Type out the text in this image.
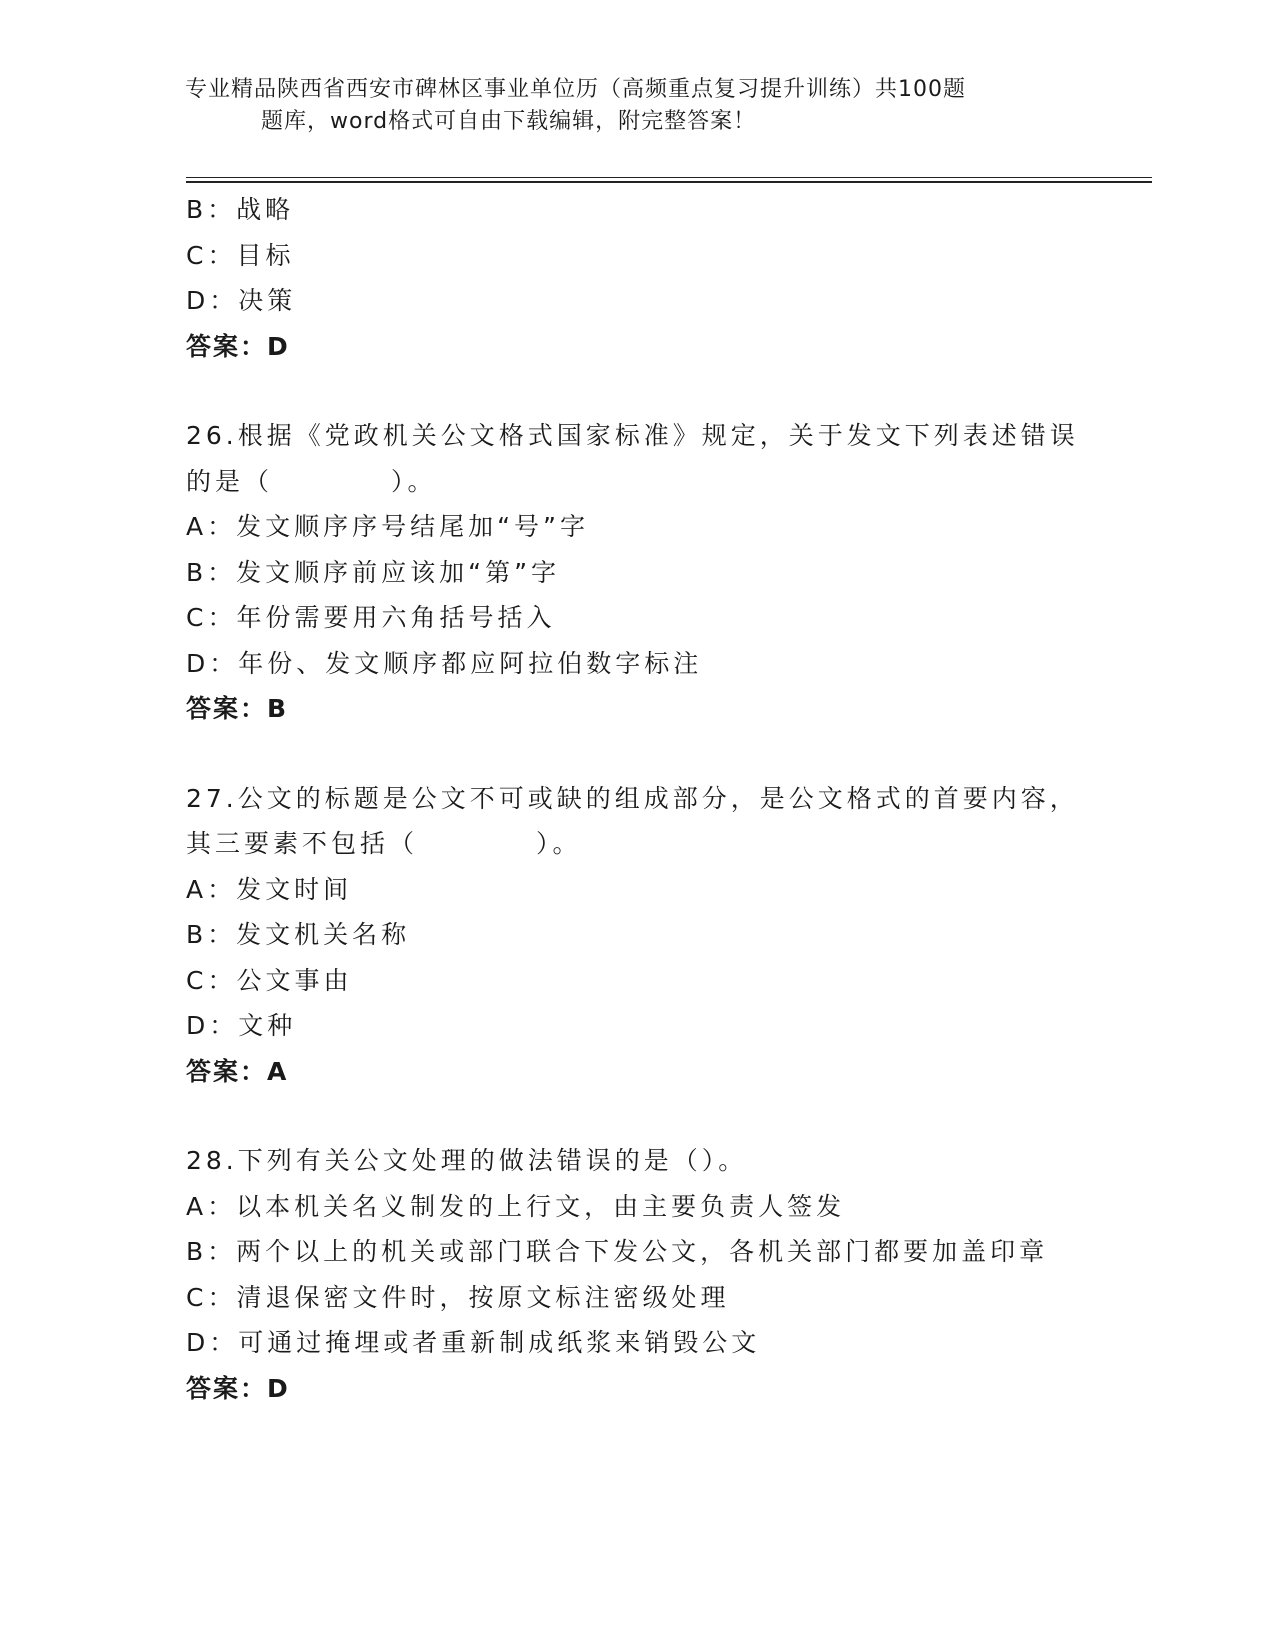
专业精品陕西省西安市碑林区事业单位历（高频重点复习提升训练）共100题
题库，word格式可自由下载编辑，附完整答案！
B：战略
C：目标
D：决策
答案：D
26.根据《党政机关公文格式国家标准》规定，关于发文下列表述错误
的是（	）。
A：发文顺序序号结尾加“号”字
B：发文顺序前应该加“第”字
C：年份需要用六角括号括入
D：年份、发文顺序都应阿拉伯数字标注
答案：B
27.公文的标题是公文不可或缺的组成部分，是公文格式的首要内容，
其三要素不包括（	）。
A：发文时间
B：发文机关名称
C：公文事由
D：文种
答案：A
28.下列有关公文处理的做法错误的是（）。
A：以本机关名义制发的上行文，由主要负责人签发
B：两个以上的机关或部门联合下发公文，各机关部门都要加盖印章
C：清退保密文件时，按原文标注密级处理
D：可通过掩埋或者重新制成纸浆来销毁公文
答案：D
